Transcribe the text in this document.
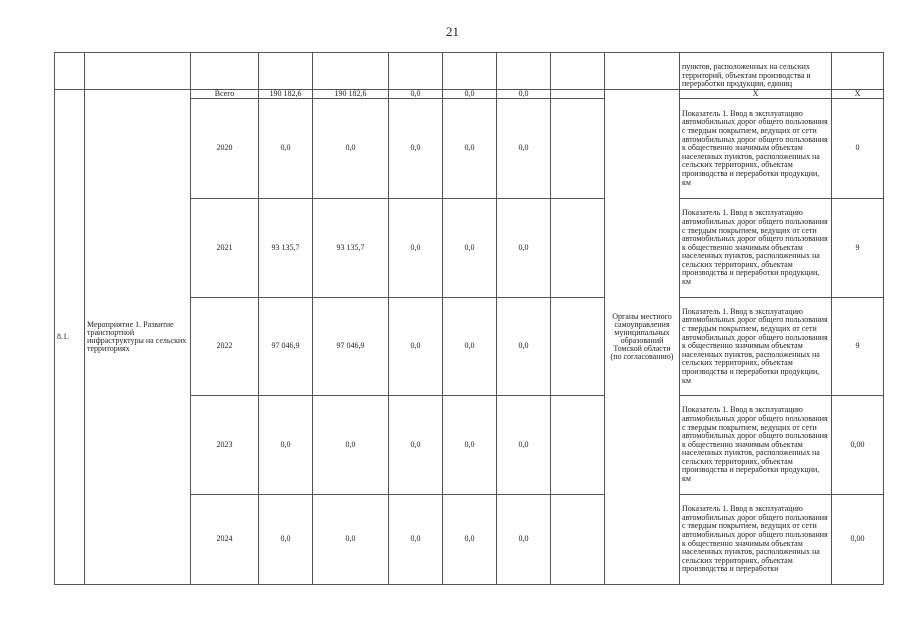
21
										пунктов, расположенных на сельских территорий, объектам производства и переработки продукции, единиц	
8.1.	Мероприятие 1. Развитие транспортной инфраструктуры на сельских территориях	Всего	190 182,6	190 182,6	0,0	0,0	0,0		Органы местного самоуправления муниципальных образований Томской области (по согласованию)	Х	Х
		2020	0,0	0,0	0,0	0,0	0,0			Показатель 1. Ввод в эксплуатацию автомобильных дорог общего пользования с твердым покрытием, ведущих от сети автомобильных дорог общего пользования к общественно значимым объектам населенных пунктов, расположенных на сельских территориях, объектам производства и переработки продукции, км	0
		2021	93 135,7	93 135,7	0,0	0,0	0,0			Показатель 1. Ввод в эксплуатацию автомобильных дорог общего пользования с твердым покрытием, ведущих от сети автомобильных дорог общего пользования к общественно значимым объектам населенных пунктов, расположенных на сельских территориях, объектам производства и переработки продукции, км	9
		2022	97 046,9	97 046,9	0,0	0,0	0,0			Показатель 1. Ввод в эксплуатацию автомобильных дорог общего пользования с твердым покрытием, ведущих от сети автомобильных дорог общего пользования к общественно значимым объектам населенных пунктов, расположенных на сельских территориях, объектам производства и переработки продукции, км	9
		2023	0,0	0,0	0,0	0,0	0,0			Показатель 1. Ввод в эксплуатацию автомобильных дорог общего пользования с твердым покрытием, ведущих от сети автомобильных дорог общего пользования к общественно значимым объектам населенных пунктов, расположенных на сельских территориях, объектам производства и переработки продукции, км	0,00
		2024	0,0	0,0	0,0	0,0	0,0			Показатель 1. Ввод в эксплуатацию автомобильных дорог общего пользования с твердым покрытием, ведущих от сети автомобильных дорог общего пользования к общественно значимым объектам населенных пунктов, расположенных на сельских территориях, объектам производства и переработки	0,00
